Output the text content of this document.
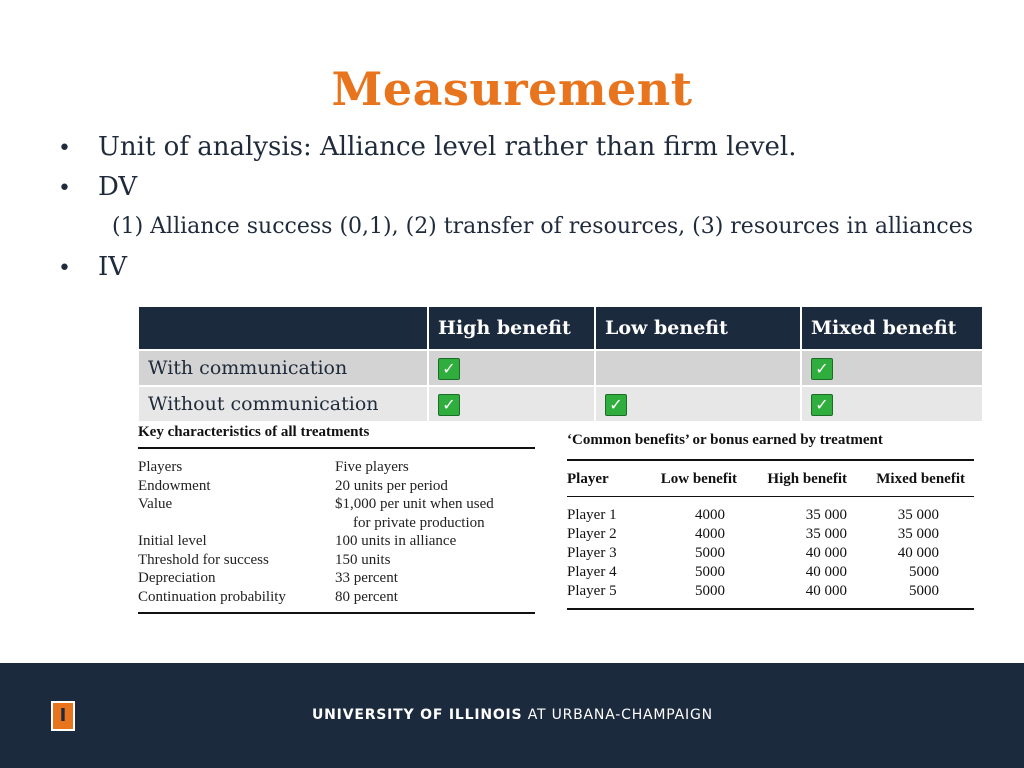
Measurement
• Unit of analysis: Alliance level rather than firm level.
• DV
(1) Alliance success (0,1), (2) transfer of resources, (3) resources in alliances
• IV
	High benefit	Low benefit	Mixed benefit
With communication	✓		✓
Without communication	✓	✓	✓
Key characteristics of all treatments
Players	Five players
Endowment	20 units per period
Value	$1,000 per unit when used
for private production
Initial level	100 units in alliance
Threshold for success	150 units
Depreciation	33 percent
Continuation probability	80 percent
‘Common benefits’ or bonus earned by treatment
Player	Low benefit	High benefit	Mixed benefit
Player 1	4000	35 000	35 000
Player 2	4000	35 000	35 000
Player 3	5000	40 000	40 000
Player 4	5000	40 000	5000
Player 5	5000	40 000	5000
I	UNIVERSITY OF ILLINOIS AT URBANA-CHAMPAIGN
